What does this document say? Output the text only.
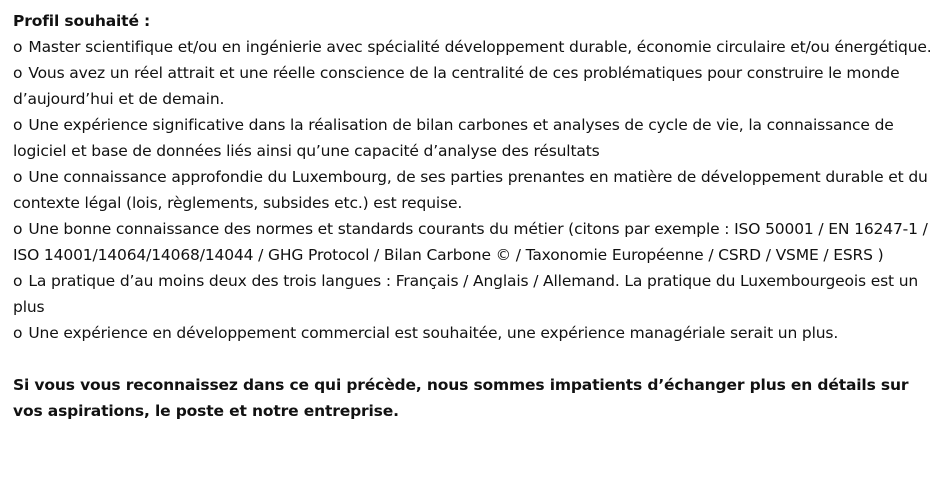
Profil souhaité :
o Master scientifique et/ou en ingénierie avec spécialité développement durable, économie circulaire et/ou énergétique.
o Vous avez un réel attrait et une réelle conscience de la centralité de ces problématiques pour construire le monde d’aujourd’hui et de demain.
o Une expérience significative dans la réalisation de bilan carbones et analyses de cycle de vie, la connaissance de logiciel et base de données liés ainsi qu’une capacité d’analyse des résultats
o Une connaissance approfondie du Luxembourg, de ses parties prenantes en matière de développement durable et du contexte légal (lois, règlements, subsides etc.) est requise.
o Une bonne connaissance des normes et standards courants du métier (citons par exemple : ISO 50001 / EN 16247-1 / ISO 14001/14064/14068/14044 / GHG Protocol / Bilan Carbone © / Taxonomie Européenne / CSRD / VSME / ESRS )
o La pratique d’au moins deux des trois langues : Français / Anglais / Allemand. La pratique du Luxembourgeois est un plus
o Une expérience en développement commercial est souhaitée, une expérience managériale serait un plus.

Si vous vous reconnaissez dans ce qui précède, nous sommes impatients d’échanger plus en détails sur vos aspirations, le poste et notre entreprise.
